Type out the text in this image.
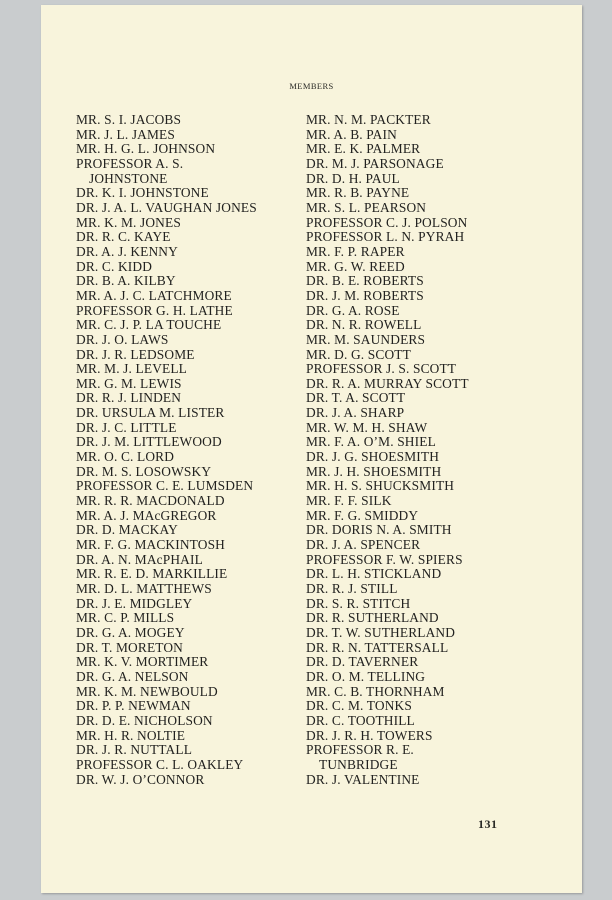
MEMBERS
MR. S. I. JACOBS
MR. J. L. JAMES
MR. H. G. L. JOHNSON
PROFESSOR A. S.
JOHNSTONE
DR. K. I. JOHNSTONE
DR. J. A. L. VAUGHAN JONES
MR. K. M. JONES
DR. R. C. KAYE
DR. A. J. KENNY
DR. C. KIDD
DR. B. A. KILBY
MR. A. J. C. LATCHMORE
PROFESSOR G. H. LATHE
MR. C. J. P. LA TOUCHE
DR. J. O. LAWS
DR. J. R. LEDSOME
MR. M. J. LEVELL
MR. G. M. LEWIS
DR. R. J. LINDEN
DR. URSULA M. LISTER
DR. J. C. LITTLE
DR. J. M. LITTLEWOOD
MR. O. C. LORD
DR. M. S. LOSOWSKY
PROFESSOR C. E. LUMSDEN
MR. R. R. MACDONALD
MR. A. J. MAcGREGOR
DR. D. MACKAY
MR. F. G. MACKINTOSH
DR. A. N. MAcPHAIL
MR. R. E. D. MARKILLIE
MR. D. L. MATTHEWS
DR. J. E. MIDGLEY
MR. C. P. MILLS
DR. G. A. MOGEY
DR. T. MORETON
MR. K. V. MORTIMER
DR. G. A. NELSON
MR. K. M. NEWBOULD
DR. P. P. NEWMAN
DR. D. E. NICHOLSON
MR. H. R. NOLTIE
DR. J. R. NUTTALL
PROFESSOR C. L. OAKLEY
DR. W. J. O’CONNOR
MR. N. M. PACKTER
MR. A. B. PAIN
MR. E. K. PALMER
DR. M. J. PARSONAGE
DR. D. H. PAUL
MR. R. B. PAYNE
MR. S. L. PEARSON
PROFESSOR C. J. POLSON
PROFESSOR L. N. PYRAH
MR. F. P. RAPER
MR. G. W. REED
DR. B. E. ROBERTS
DR. J. M. ROBERTS
DR. G. A. ROSE
DR. N. R. ROWELL
MR. M. SAUNDERS
MR. D. G. SCOTT
PROFESSOR J. S. SCOTT
DR. R. A. MURRAY SCOTT
DR. T. A. SCOTT
DR. J. A. SHARP
MR. W. M. H. SHAW
MR. F. A. O’M. SHIEL
DR. J. G. SHOESMITH
MR. J. H. SHOESMITH
MR. H. S. SHUCKSMITH
MR. F. F. SILK
MR. F. G. SMIDDY
DR. DORIS N. A. SMITH
DR. J. A. SPENCER
PROFESSOR F. W. SPIERS
DR. L. H. STICKLAND
DR. R. J. STILL
DR. S. R. STITCH
DR. R. SUTHERLAND
DR. T. W. SUTHERLAND
DR. R. N. TATTERSALL
DR. D. TAVERNER
DR. O. M. TELLING
MR. C. B. THORNHAM
DR. C. M. TONKS
DR. C. TOOTHILL
DR. J. R. H. TOWERS
PROFESSOR R. E.
TUNBRIDGE
DR. J. VALENTINE
131
